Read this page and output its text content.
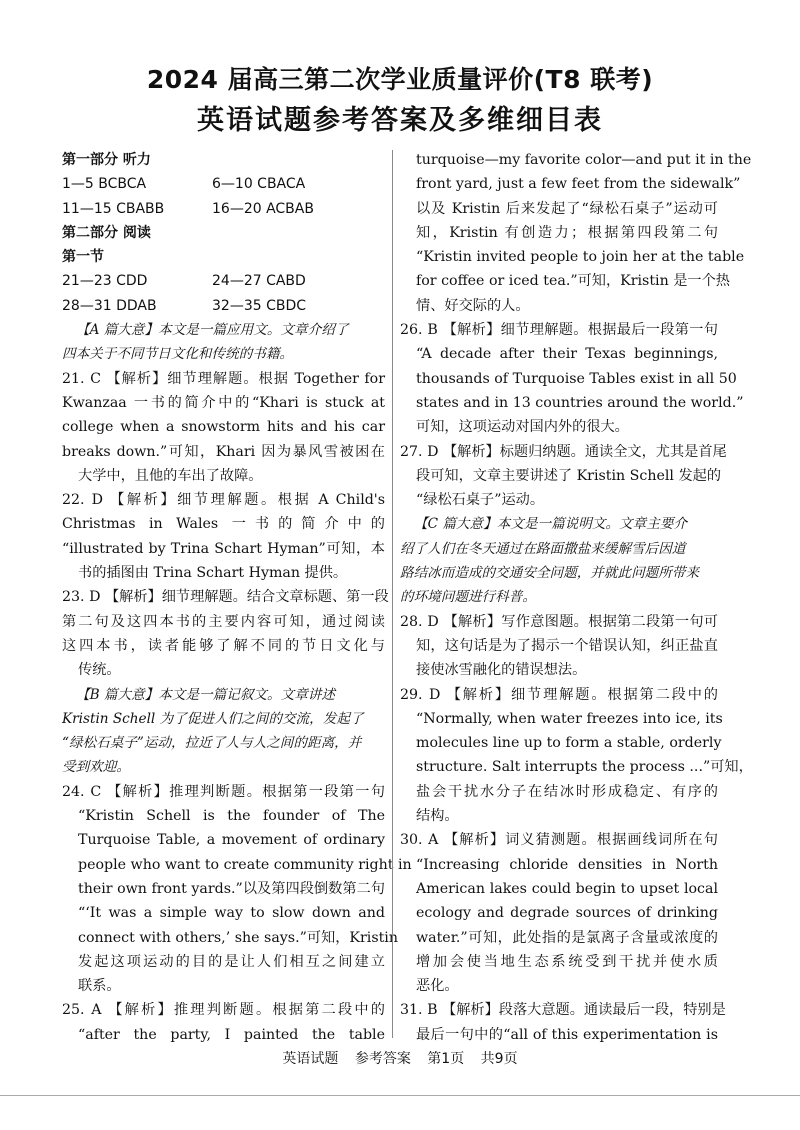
2024 届高三第二次学业质量评价(T8 联考)
英语试题参考答案及多维细目表
第一部分 听力
1—5 BCBCA	6—10 CBACA
11—15 CBABB	16—20 ACBAB
第二部分 阅读
第一节
21—23 CDD	24—27 CABD
28—31 DDAB	32—35 CBDC
【A 篇大意】本文是一篇应用文。文章介绍了
四本关于不同节日文化和传统的书籍。
21. C 【解析】细节理解题。根据 Together for
Kwanzaa 一书的简介中的“Khari is stuck at
college when a snowstorm hits and his car
breaks down.”可知，Khari 因为暴风雪被困在
大学中，且他的车出了故障。
22. D 【解析】细节理解题。根据 A Child's
Christmas in Wales 一书的简介中的
“illustrated by Trina Schart Hyman”可知，本
书的插图由 Trina Schart Hyman 提供。
23. D 【解析】细节理解题。结合文章标题、第一段
第二句及这四本书的主要内容可知，通过阅读
这四本书，读者能够了解不同的节日文化与
传统。
【B 篇大意】本文是一篇记叙文。文章讲述
Kristin Schell 为了促进人们之间的交流，发起了
“绿松石桌子”运动，拉近了人与人之间的距离，并
受到欢迎。
24. C 【解析】推理判断题。根据第一段第一句
“Kristin Schell is the founder of The
Turquoise Table, a movement of ordinary
people who want to create community right in
their own front yards.”以及第四段倒数第二句
“‘It was a simple way to slow down and
connect with others,’ she says.”可知，Kristin
发起这项运动的目的是让人们相互之间建立
联系。
25. A 【解析】推理判断题。根据第二段中的
“after the party, I painted the table
turquoise—my favorite color—and put it in the
front yard, just a few feet from the sidewalk”
以及 Kristin 后来发起了“绿松石桌子”运动可
知，Kristin 有创造力；根据第四段第二句
“Kristin invited people to join her at the table
for coffee or iced tea.”可知，Kristin 是一个热
情、好交际的人。
26. B 【解析】细节理解题。根据最后一段第一句
“A decade after their Texas beginnings,
thousands of Turquoise Tables exist in all 50
states and in 13 countries around the world.”
可知，这项运动对国内外的很大。
27. D 【解析】标题归纳题。通读全文，尤其是首尾
段可知，文章主要讲述了 Kristin Schell 发起的
“绿松石桌子”运动。
【C 篇大意】本文是一篇说明文。文章主要介
绍了人们在冬天通过在路面撒盐来缓解雪后因道
路结冰而造成的交通安全问题，并就此问题所带来
的环境问题进行科普。
28. D 【解析】写作意图题。根据第二段第一句可
知，这句话是为了揭示一个错误认知，纠正盐直
接使冰雪融化的错误想法。
29. D 【解析】细节理解题。根据第二段中的
“Normally, when water freezes into ice, its
molecules line up to form a stable, orderly
structure. Salt interrupts the process ...”可知，
盐会干扰水分子在结冰时形成稳定、有序的
结构。
30. A 【解析】词义猜测题。根据画线词所在句
“Increasing chloride densities in North
American lakes could begin to upset local
ecology and degrade sources of drinking
water.”可知，此处指的是氯离子含量或浓度的
增加会使当地生态系统受到干扰并使水质
恶化。
31. B 【解析】段落大意题。通读最后一段，特别是
最后一句中的“all of this experimentation is
英语试题 参考答案 第1页 共9页
